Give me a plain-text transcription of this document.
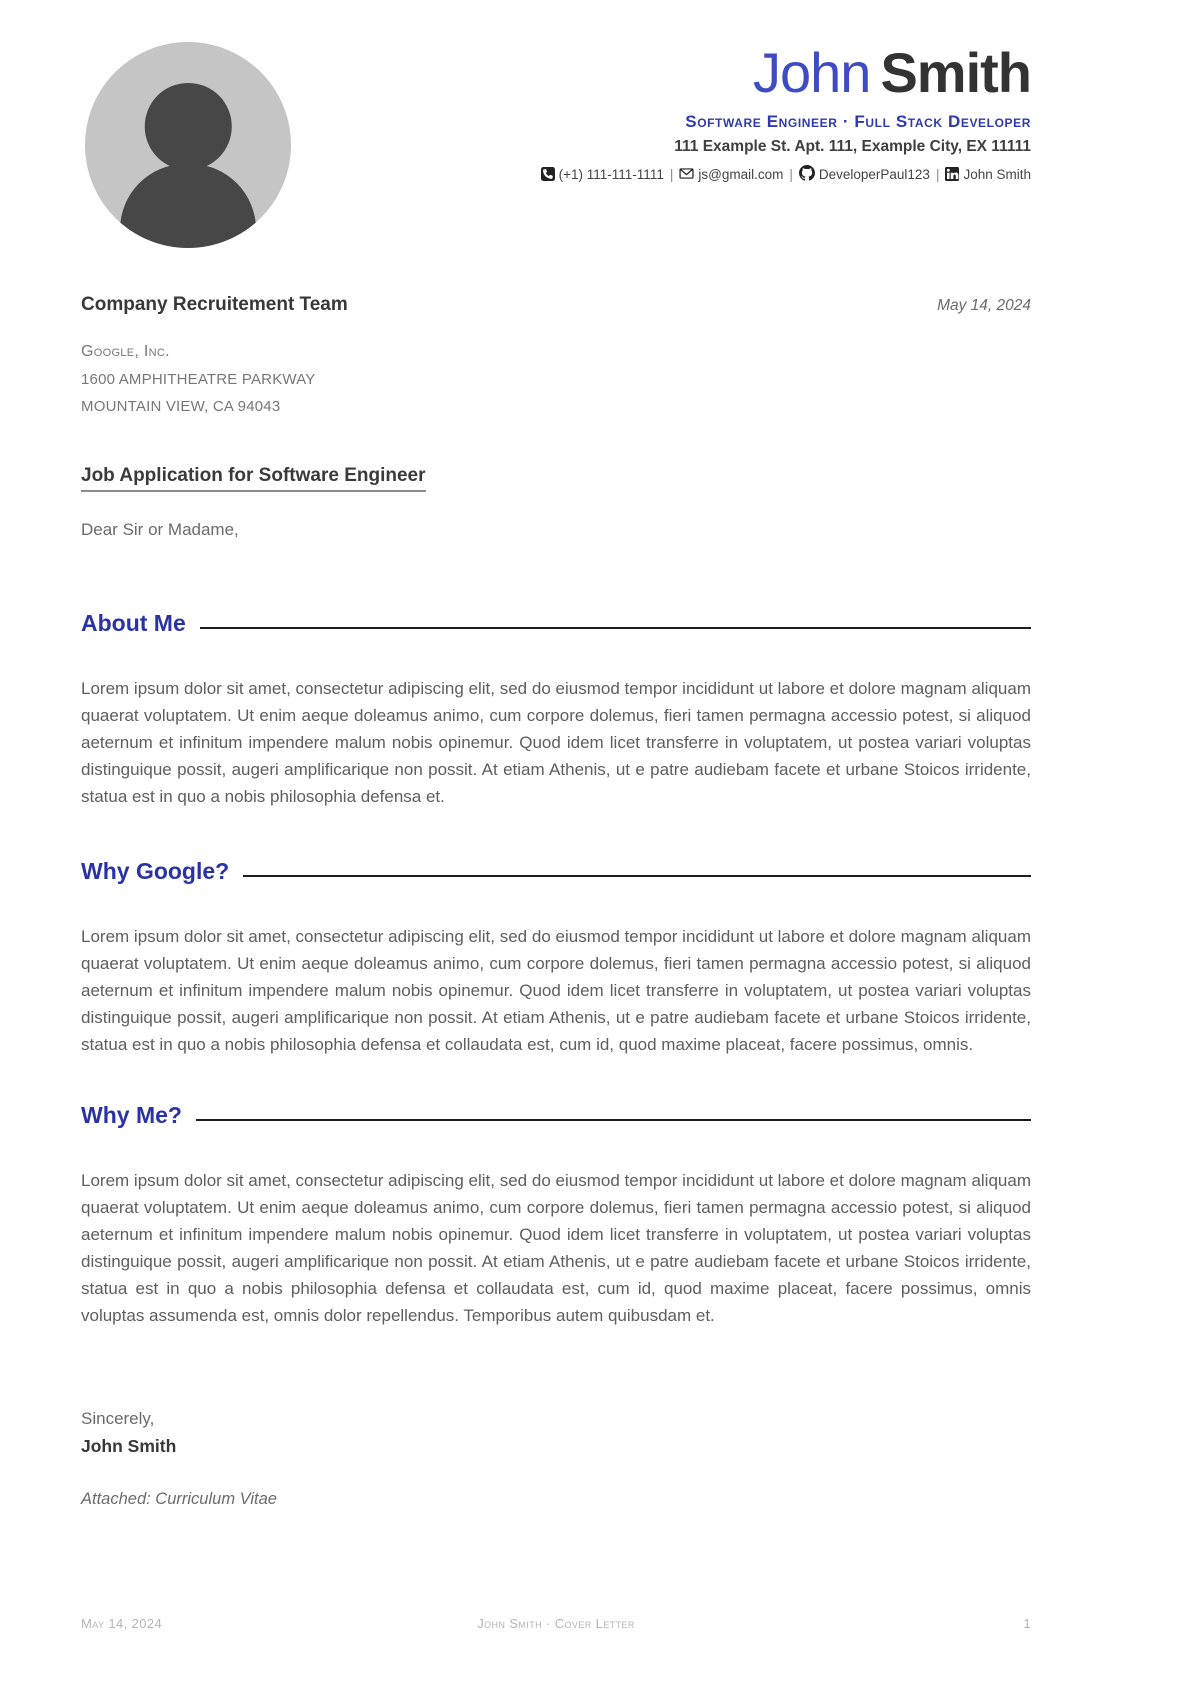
John Smith
Software Engineer · Full Stack Developer
111 Example St. Apt. 111, Example City, EX 11111
(+1) 111-111-1111 | js@gmail.com | DeveloperPaul123 | John Smith
Company Recruitement Team	May 14, 2024
Google, Inc.
1600 AMPHITHEATRE PARKWAY
MOUNTAIN VIEW, CA 94043
Job Application for Software Engineer
Dear Sir or Madame,
About Me

Lorem ipsum dolor sit amet, consectetur adipiscing elit, sed do eiusmod tempor incididunt ut labore et dolore magnam aliquam quaerat voluptatem. Ut enim aeque doleamus animo, cum corpore dolemus, fieri tamen permagna accessio potest, si aliquod aeternum et infinitum impendere malum nobis opinemur. Quod idem licet transferre in voluptatem, ut postea variari voluptas distinguique possit, augeri amplificarique non possit. At etiam Athenis, ut e patre audiebam facete et urbane Stoicos irridente, statua est in quo a nobis philosophia defensa et.

Why Google?

Lorem ipsum dolor sit amet, consectetur adipiscing elit, sed do eiusmod tempor incididunt ut labore et dolore magnam aliquam quaerat voluptatem. Ut enim aeque doleamus animo, cum corpore dolemus, fieri tamen permagna accessio potest, si aliquod aeternum et infinitum impendere malum nobis opinemur. Quod idem licet transferre in voluptatem, ut postea variari voluptas distinguique possit, augeri amplificarique non possit. At etiam Athenis, ut e patre audiebam facete et urbane Stoicos irridente, statua est in quo a nobis philosophia defensa et collaudata est, cum id, quod maxime placeat, facere possimus, omnis.

Why Me?

Lorem ipsum dolor sit amet, consectetur adipiscing elit, sed do eiusmod tempor incididunt ut labore et dolore magnam aliquam quaerat voluptatem. Ut enim aeque doleamus animo, cum corpore dolemus, fieri tamen permagna accessio potest, si aliquod aeternum et infinitum impendere malum nobis opinemur. Quod idem licet transferre in voluptatem, ut postea variari voluptas distinguique possit, augeri amplificarique non possit. At etiam Athenis, ut e patre audiebam facete et urbane Stoicos irridente, statua est in quo a nobis philosophia defensa et collaudata est, cum id, quod maxime placeat, facere possimus, omnis voluptas assumenda est, omnis dolor repellendus. Temporibus autem quibusdam et.

Sincerely,
John Smith
Attached: Curriculum Vitae
May 14, 2024	John Smith · Cover Letter	1
